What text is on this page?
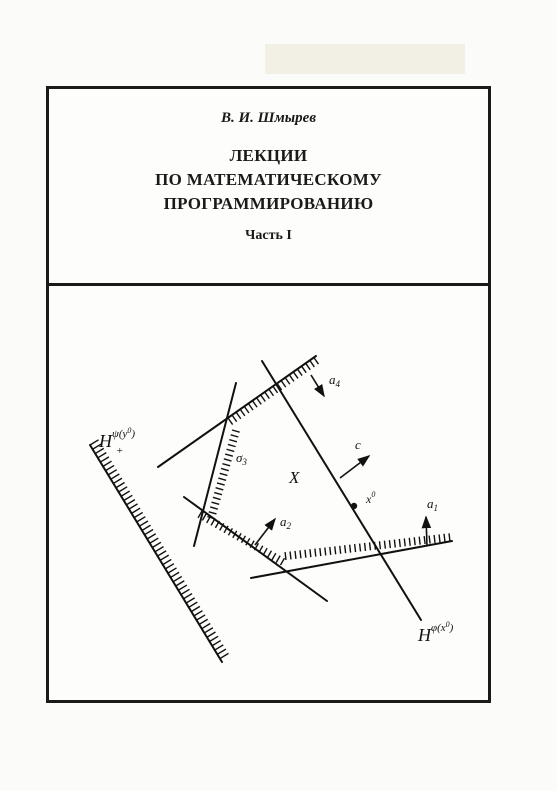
В. И. Шмырев

ЛЕКЦИИ

ПО МАТЕМАТИЧЕСКОМУ

ПРОГРАММИРОВАНИЮ

Часть I
X
c
$x^0$
$a_1$
$a_2$
$\sigma_3$
$a_4$
$H^{\varphi(x0}_)$
$H^{\psi(y0}_)$ +
